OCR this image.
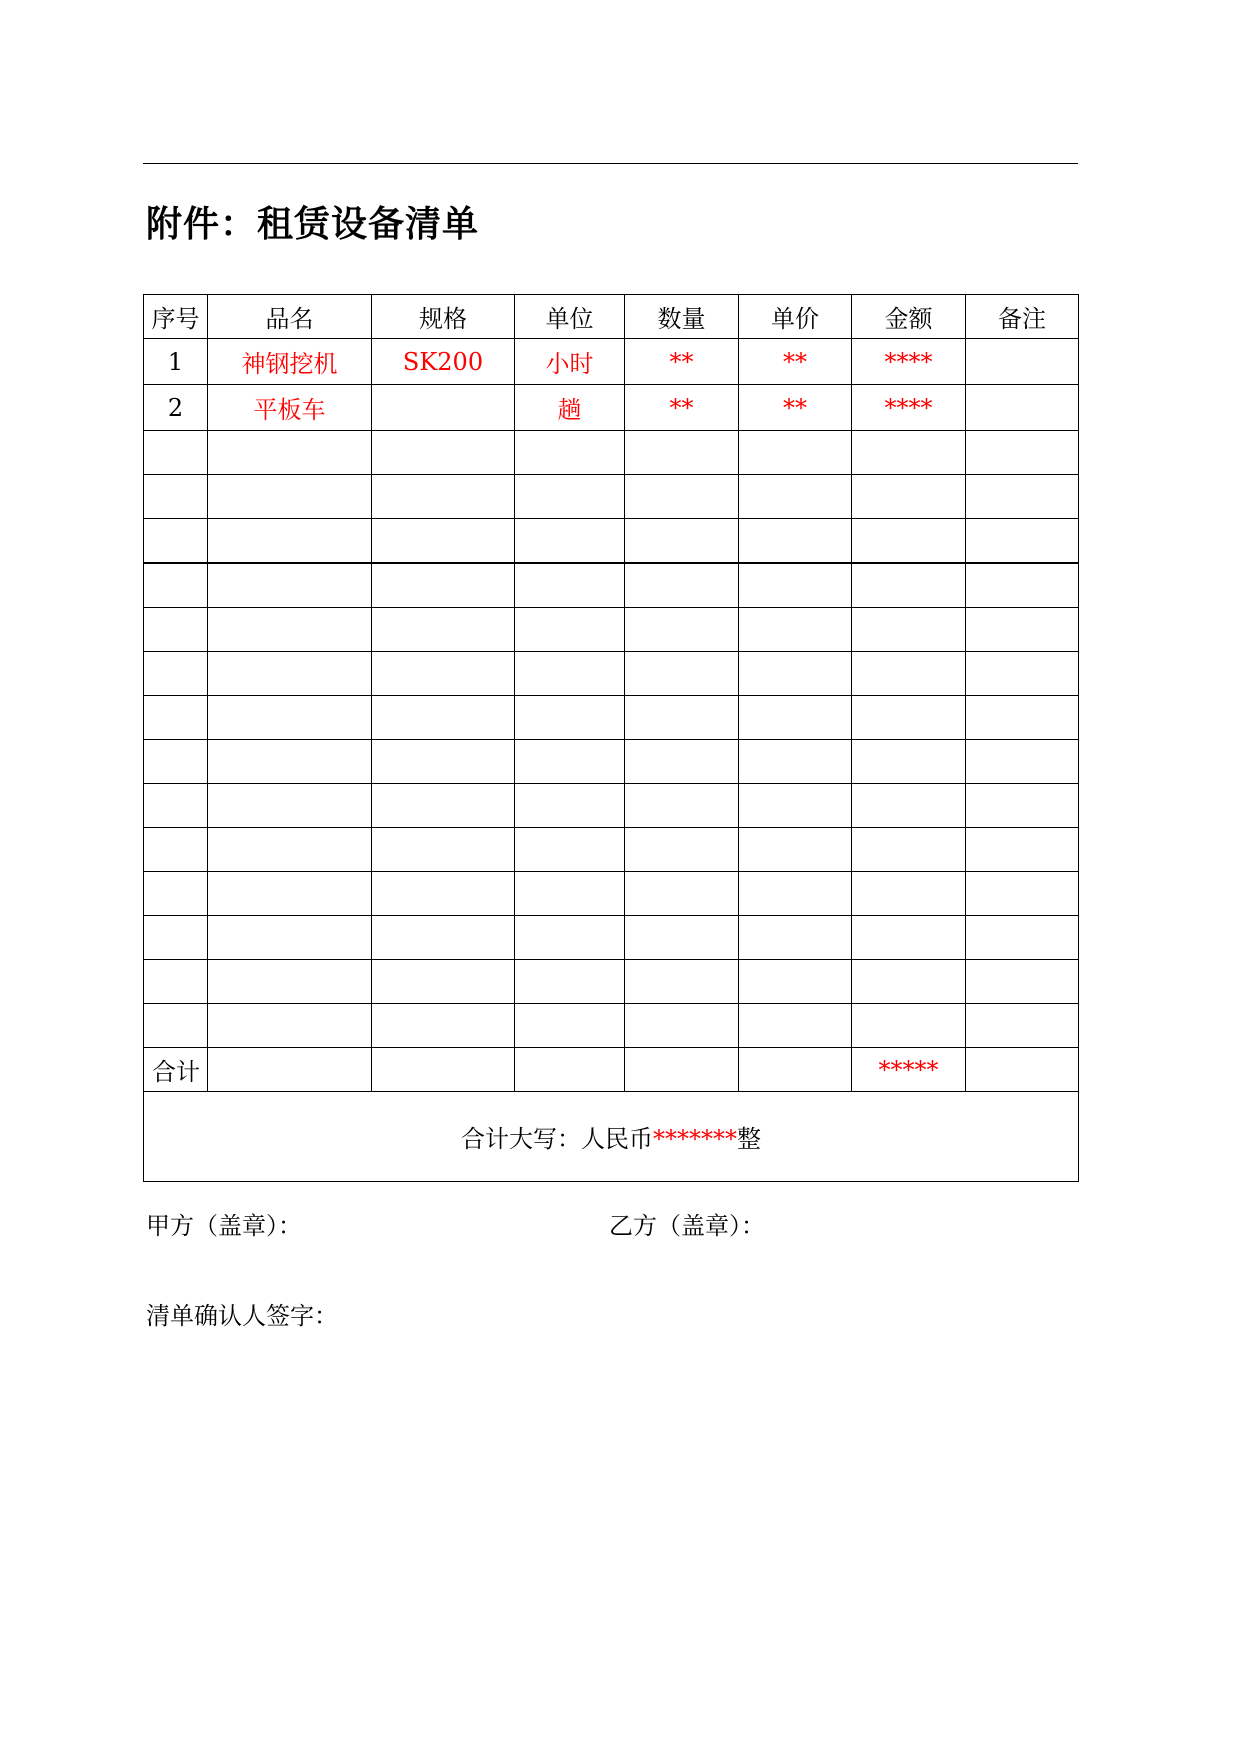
附件：租赁设备清单
序号	品名	规格	单位	数量	单价	金额	备注
1	神钢挖机	SK200	小时	**	**	****	
2	平板车		趟	**	**	****	

合计						*****	
合计大写：人民币*******整							
甲方（盖章）：	乙方（盖章）：
清单确认人签字：
